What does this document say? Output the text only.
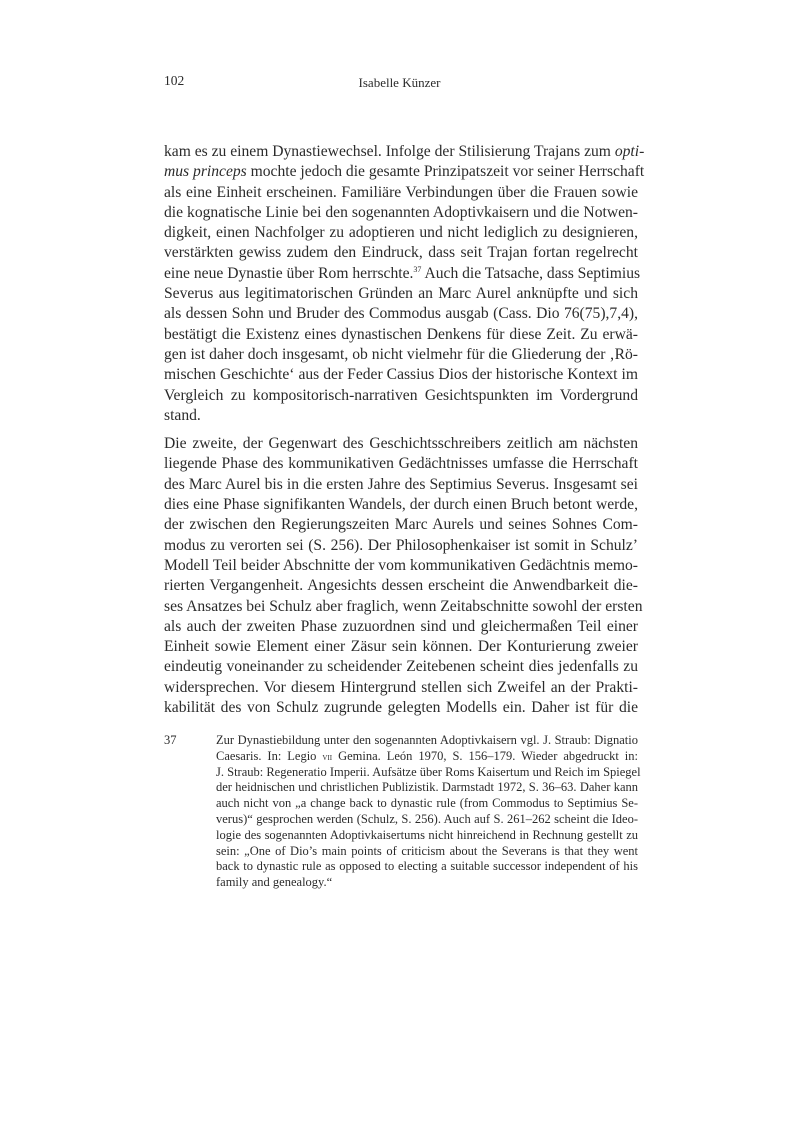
102	Isabelle Künzer
kam es zu einem Dynastiewechsel. Infolge der Stilisierung Trajans zum opti-
mus princeps mochte jedoch die gesamte Prinzipatszeit vor seiner Herrschaft
als eine Einheit erscheinen. Familiäre Verbindungen über die Frauen sowie
die kognatische Linie bei den sogenannten Adoptivkaisern und die Notwen-
digkeit, einen Nachfolger zu adoptieren und nicht lediglich zu designieren,
verstärkten gewiss zudem den Eindruck, dass seit Trajan fortan regelrecht
eine neue Dynastie über Rom herrschte.$^{37}$ Auch die Tatsache, dass Septimius
Severus aus legitimatorischen Gründen an Marc Aurel anknüpfte und sich
als dessen Sohn und Bruder des Commodus ausgab (Cass. Dio 76(75),7,4),
bestätigt die Existenz eines dynastischen Denkens für diese Zeit. Zu erwä-
gen ist daher doch insgesamt, ob nicht vielmehr für die Gliederung der ‚Rö-
mischen Geschichte‘ aus der Feder Cassius Dios der historische Kontext im
Vergleich zu kompositorisch-narrativen Gesichtspunkten im Vordergrund
stand.
Die zweite, der Gegenwart des Geschichtsschreibers zeitlich am nächsten
liegende Phase des kommunikativen Gedächtnisses umfasse die Herrschaft
des Marc Aurel bis in die ersten Jahre des Septimius Severus. Insgesamt sei
dies eine Phase signifikanten Wandels, der durch einen Bruch betont werde,
der zwischen den Regierungszeiten Marc Aurels und seines Sohnes Com-
modus zu verorten sei (S. 256). Der Philosophenkaiser ist somit in Schulz’
Modell Teil beider Abschnitte der vom kommunikativen Gedächtnis memo-
rierten Vergangenheit. Angesichts dessen erscheint die Anwendbarkeit die-
ses Ansatzes bei Schulz aber fraglich, wenn Zeitabschnitte sowohl der ersten
als auch der zweiten Phase zuzuordnen sind und gleichermaßen Teil einer
Einheit sowie Element einer Zäsur sein können. Der Konturierung zweier
eindeutig voneinander zu scheidender Zeitebenen scheint dies jedenfalls zu
widersprechen. Vor diesem Hintergrund stellen sich Zweifel an der Prakti-
kabilität des von Schulz zugrunde gelegten Modells ein. Daher ist für die
37	Zur Dynastiebildung unter den sogenannten Adoptivkaisern vgl. J. Straub: Dignatio
Caesaris. In: Legio vii Gemina. León 1970, S. 156–179. Wieder abgedruckt in:
J. Straub: Regeneratio Imperii. Aufsätze über Roms Kaisertum und Reich im Spiegel
der heidnischen und christlichen Publizistik. Darmstadt 1972, S. 36–63. Daher kann
auch nicht von „a change back to dynastic rule (from Commodus to Septimius Se-
verus)“ gesprochen werden (Schulz, S. 256). Auch auf S. 261–262 scheint die Ideo-
logie des sogenannten Adoptivkaisertums nicht hinreichend in Rechnung gestellt zu
sein: „One of Dio’s main points of criticism about the Severans is that they went
back to dynastic rule as opposed to electing a suitable successor independent of his
family and genealogy.“
